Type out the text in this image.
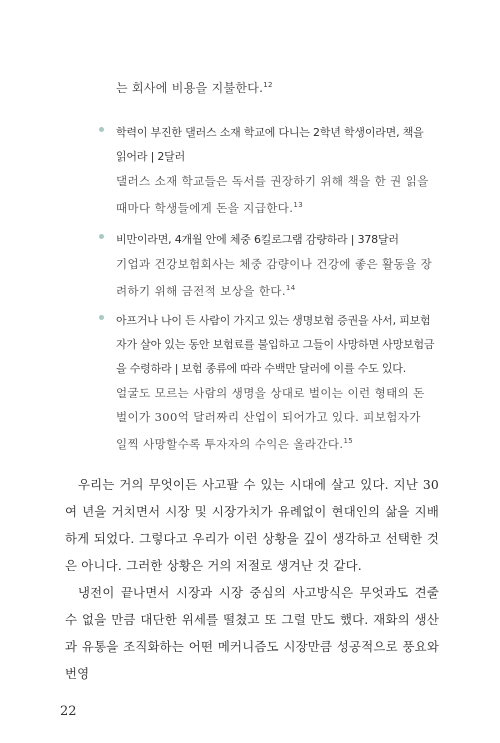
는 회사에 비용을 지불한다.$^{12}$
학력이 부진한 댈러스 소재 학교에 다니는 2학년 학생이라면, 책을 읽어라 | 2달러
댈러스 소재 학교들은 독서를 권장하기 위해 책을 한 권 읽을 때마다 학생들에게 돈을 지급한다.$^{13}$
비만이라면, 4개월 안에 체중 6킬로그램 감량하라 | 378달러
기업과 건강보험회사는 체중 감량이나 건강에 좋은 활동을 장려하기 위해 금전적 보상을 한다.$^{14}$
아프거나 나이 든 사람이 가지고 있는 생명보험 증권을 사서, 피보험자가 살아 있는 동안 보험료를 불입하고 그들이 사망하면 사망보험금을 수령하라 | 보험 종류에 따라 수백만 달러에 이를 수도 있다.
얼굴도 모르는 사람의 생명을 상대로 벌이는 이런 형태의 돈벌이가 300억 달러짜리 산업이 되어가고 있다. 피보험자가 일찍 사망할수록 투자자의 수익은 올라간다.$^{15}$

우리는 거의 무엇이든 사고팔 수 있는 시대에 살고 있다. 지난 30여 년을 거치면서 시장 및 시장가치가 유례없이 현대인의 삶을 지배하게 되었다. 그렇다고 우리가 이런 상황을 깊이 생각하고 선택한 것은 아니다. 그러한 상황은 거의 저절로 생겨난 것 같다.

냉전이 끝나면서 시장과 시장 중심의 사고방식은 무엇과도 견줄 수 없을 만큼 대단한 위세를 떨쳤고 또 그럴 만도 했다. 재화의 생산과 유통을 조직화하는 어떤 메커니즘도 시장만큼 성공적으로 풍요와 번영

22
